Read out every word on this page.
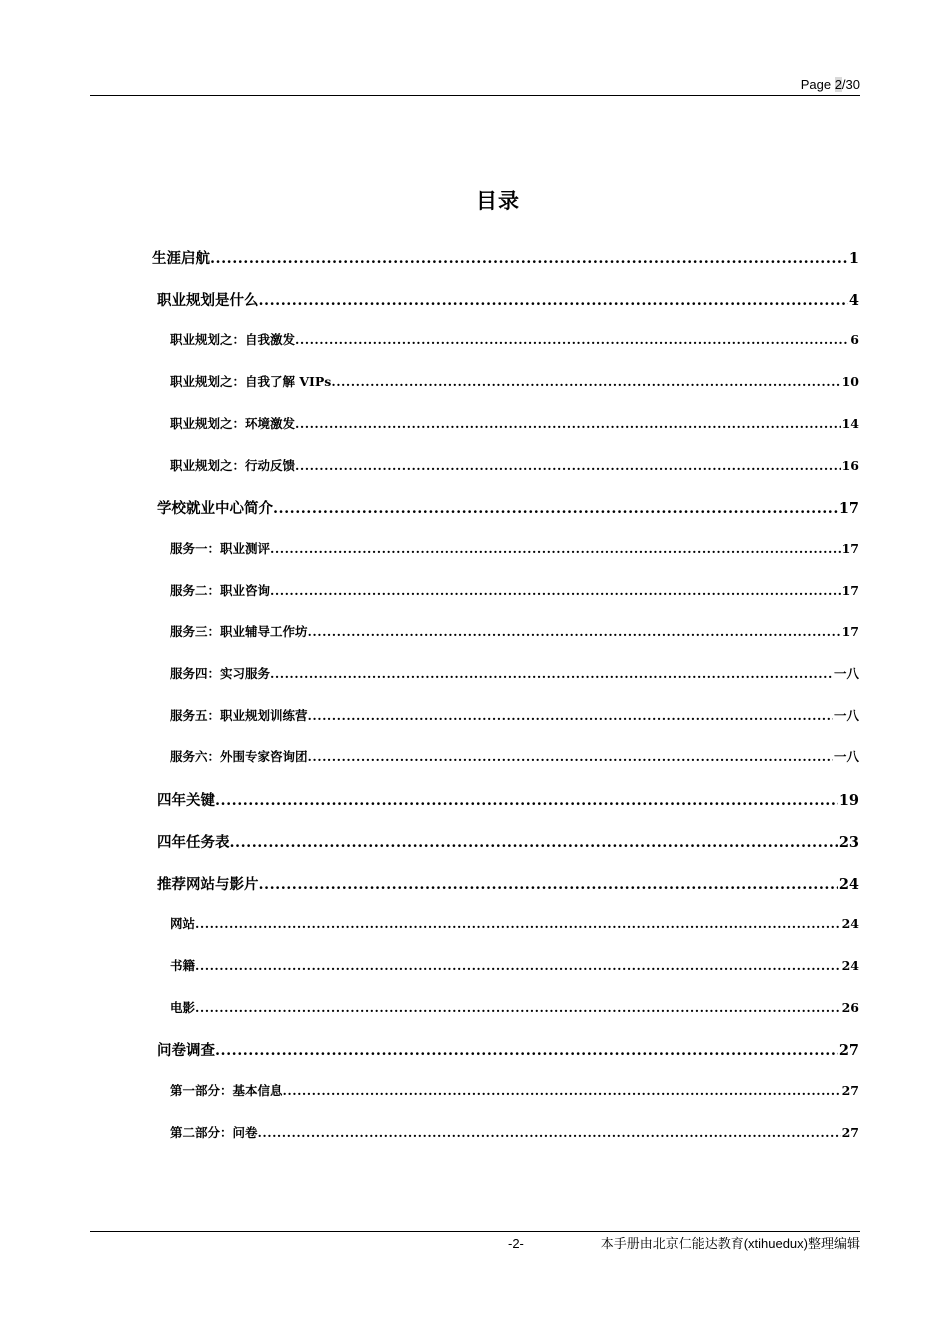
Page 2/30
目录
生涯启航 .....	1
职业规划是什么 .....	4
职业规划之：自我激发 .....	6
职业规划之：自我了解 VIPs .....	10
职业规划之：环境激发 .....	14
职业规划之：行动反馈 .....	16
学校就业中心简介 .....	17
服务一：职业测评 .....	17
服务二：职业咨询 .....	17
服务三：职业辅导工作坊 .....	17
服务四：实习服务 .....	一八
服务五：职业规划训练营 .....	一八
服务六：外围专家咨询团 .....	一八
四年关键 .....	19
四年任务表 .....	23
推荐网站与影片 .....	24
网站 .....	24
书籍 .....	24
电影 .....	26
问卷调查 .....	27
第一部分：基本信息 .....	27
第二部分：问卷 .....	27
-2-	本手册由北京仁能达教育(xtihuedux)整理编辑
